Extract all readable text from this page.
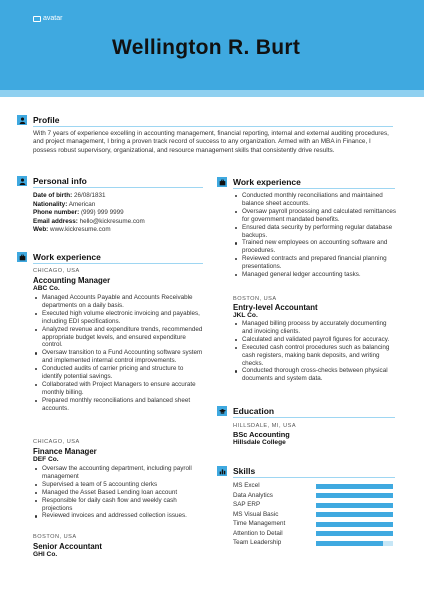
avatar
Wellington R. Burt
Profile
With 7 years of experience excelling in accounting management, financial reporting, internal and external auditing procedures, and project management, I bring a proven track record of success to any organization. Armed with an MBA in Finance, I possess robust supervisory, organizational, and resource management skills that consistently drive results.
Personal info
Date of birth: 26/08/1831
Nationality: American
Phone number: (999) 999 9999
Email address: hello@kickresume.com
Web: www.kickresume.com
Work experience
CHICAGO, USA
Accounting Manager
ABC Co.
Managed Accounts Payable and Accounts Receivable departments on a daily basis.
Executed high volume electronic invoicing and payables, including EDI specifications.
Analyzed revenue and expenditure trends, recommended appropriate budget levels, and ensured expenditure control.
Oversaw transition to a Fund Accounting software system and implemented internal control improvements.
Conducted audits of carrier pricing and structure to identify potential savings.
Collaborated with Project Managers to ensure accurate monthly billing.
Prepared monthly reconciliations and balanced sheet accounts.
CHICAGO, USA
Finance Manager
DEF Co.
Oversaw the accounting department, including payroll management
Supervised a team of 5 accounting clerks
Managed the Asset Based Lending loan account
Responsible for daily cash flow and weekly cash projections
Reviewed invoices and addressed collection issues.
BOSTON, USA
Senior Accountant
GHI Co.
Work experience
Conducted monthly reconciliations and maintained balance sheet accounts.
Oversaw payroll processing and calculated remittances for government mandated benefits.
Ensured data security by performing regular database backups.
Trained new employees on accounting software and procedures.
Reviewed contracts and prepared financial planning presentations.
Managed general ledger accounting tasks.
BOSTON, USA
Entry-level Accountant
JKL Co.
Managed billing process by accurately documenting and invoicing clients.
Calculated and validated payroll figures for accuracy.
Executed cash control procedures such as balancing cash registers, making bank deposits, and writing checks.
Conducted thorough cross-checks between physical documents and system data.
Education
HILLSDALE, MI, USA
BSc Accounting
Hillsdale College
Skills
MS Excel
Data Analytics
SAP ERP
MS Visual Basic
Time Management
Attention to Detail
Team Leadership
